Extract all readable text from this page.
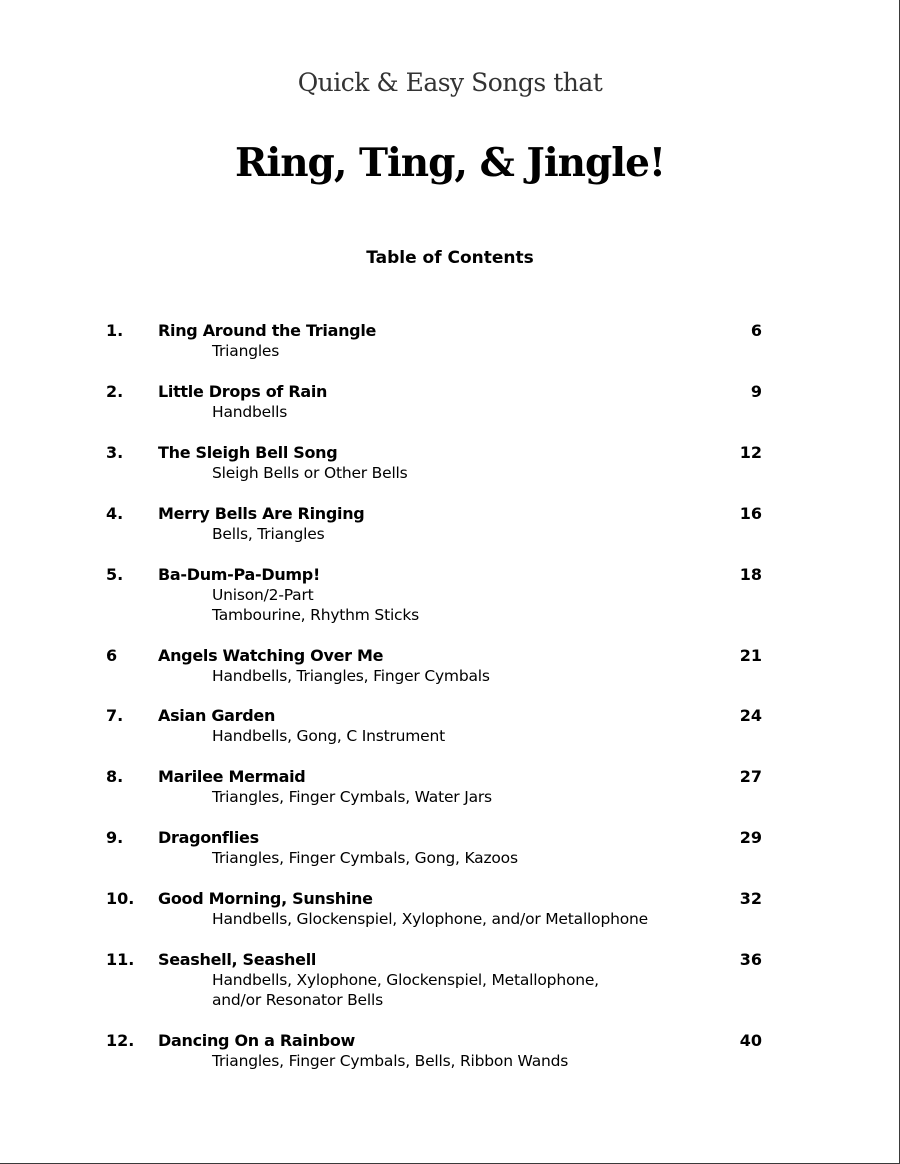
Quick & Easy Songs that
Ring, Ting, & Jingle!
Table of Contents
1. Ring Around the Triangle	6
Triangles
2. Little Drops of Rain	9
Handbells
3. The Sleigh Bell Song	12
Sleigh Bells or Other Bells
4. Merry Bells Are Ringing	16
Bells, Triangles
5. Ba-Dum-Pa-Dump!	18
Unison/2-Part
Tambourine, Rhythm Sticks
6	Angels Watching Over Me	21
Handbells, Triangles, Finger Cymbals
7. Asian Garden	24
Handbells, Gong, C Instrument
8. Marilee Mermaid	27
Triangles, Finger Cymbals, Water Jars
9. Dragonflies	29
Triangles, Finger Cymbals, Gong, Kazoos
10. Good Morning, Sunshine	32
Handbells, Glockenspiel, Xylophone, and/or Metallophone
11. Seashell, Seashell	36
Handbells, Xylophone, Glockenspiel, Metallophone,
and/or Resonator Bells
12. Dancing On a Rainbow	40
Triangles, Finger Cymbals, Bells, Ribbon Wands
